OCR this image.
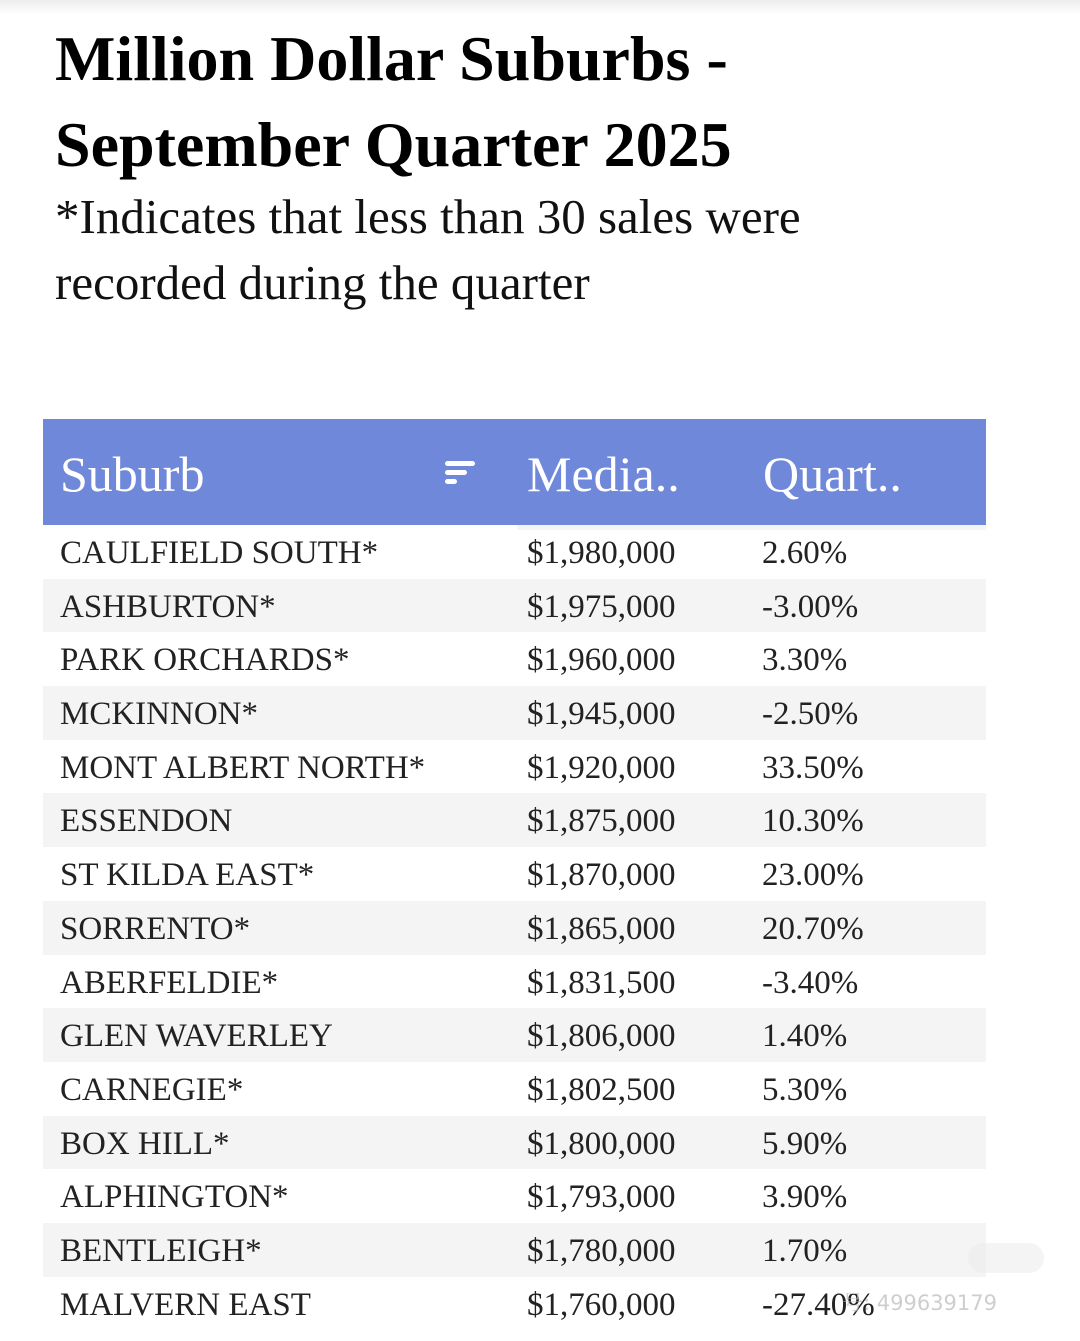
Million Dollar Suburbs -
September Quarter 2025

*Indicates that less than 30 sales were
recorded during the quarter

Suburb	Media.. Quart..
CAULFIELD SOUTH*	$1,980,000	2.60%
ASHBURTON*	$1,975,000	-3.00%
PARK ORCHARDS*	$1,960,000	3.30%
MCKINNON*	$1,945,000	-2.50%
MONT ALBERT NORTH*	$1,920,000	33.50%
ESSENDON	$1,875,000	10.30%
ST KILDA EAST*	$1,870,000	23.00%
SORRENTO*	$1,865,000	20.70%
ABERFELDIE*	$1,831,500	-3.40%
GLEN WAVERLEY	$1,806,000	1.40%
CARNEGIE*	$1,802,500	5.30%
BOX HILL*	$1,800,000	5.90%
ALPHINGTON*	$1,793,000	3.90%
BENTLEIGH*	$1,780,000	1.70%
MALVERN EAST	$1,760,000	-27.40%
号: 499639179
